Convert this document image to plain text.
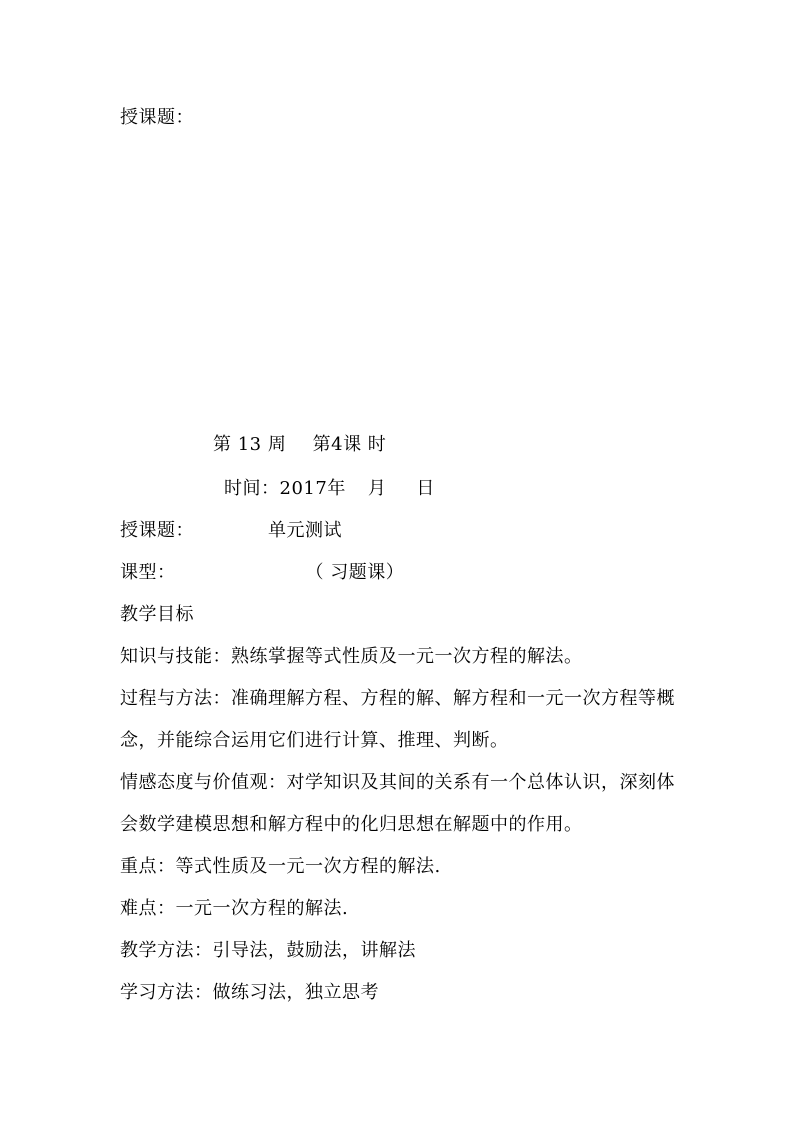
授课题：
第 13 周 第4课 时
时间：2017年 月 日
授课题：	单元测试
课型：	（ 习题课）
教学目标
知识与技能：熟练掌握等式性质及一元一次方程的解法。
过程与方法：准确理解方程、方程的解、解方程和一元一次方程等概
念，并能综合运用它们进行计算、推理、判断。
情感态度与价值观：对学知识及其间的关系有一个总体认识，深刻体
会数学建模思想和解方程中的化归思想在解题中的作用。
重点：等式性质及一元一次方程的解法.
难点：一元一次方程的解法.
教学方法：引导法，鼓励法，讲解法
学习方法：做练习法，独立思考
